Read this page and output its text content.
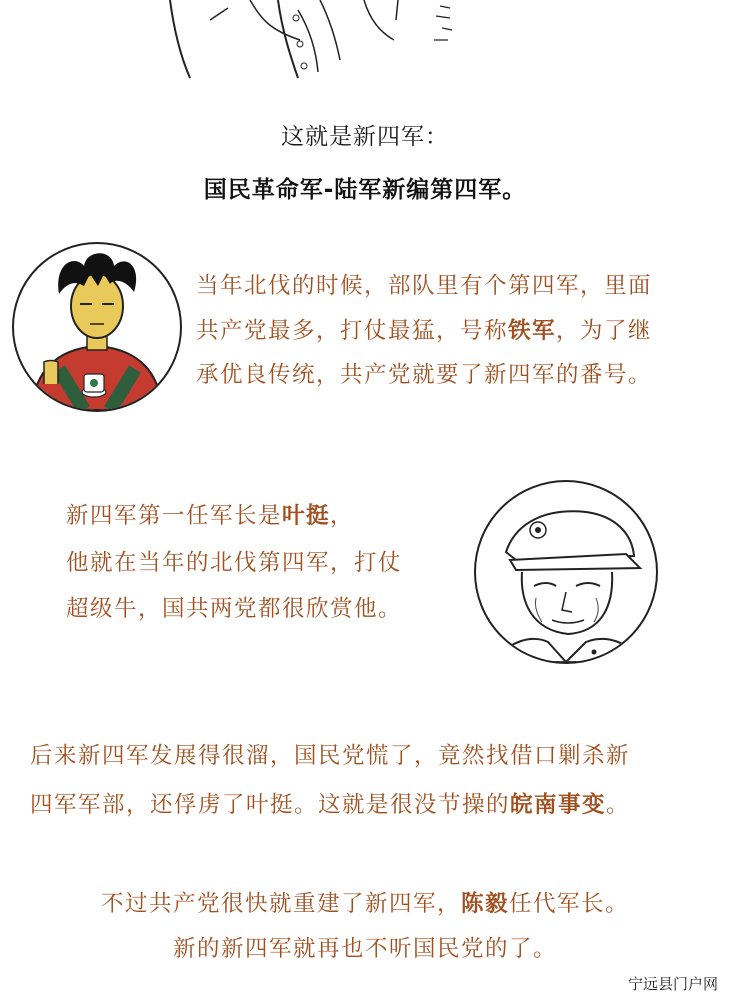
这就是新四军：
国民革命军-陆军新编第四军。
当年北伐的时候，部队里有个第四军，里面
共产党最多，打仗最猛，号称铁军，为了继
承优良传统，共产党就要了新四军的番号。
新四军第一任军长是叶挺，
他就在当年的北伐第四军，打仗
超级牛，国共两党都很欣赏他。
后来新四军发展得很溜，国民党慌了，竟然找借口剿杀新
四军军部，还俘虏了叶挺。这就是很没节操的皖南事变。
不过共产党很快就重建了新四军，陈毅任代军长。
新的新四军就再也不听国民党的了。
宁远县门户网
